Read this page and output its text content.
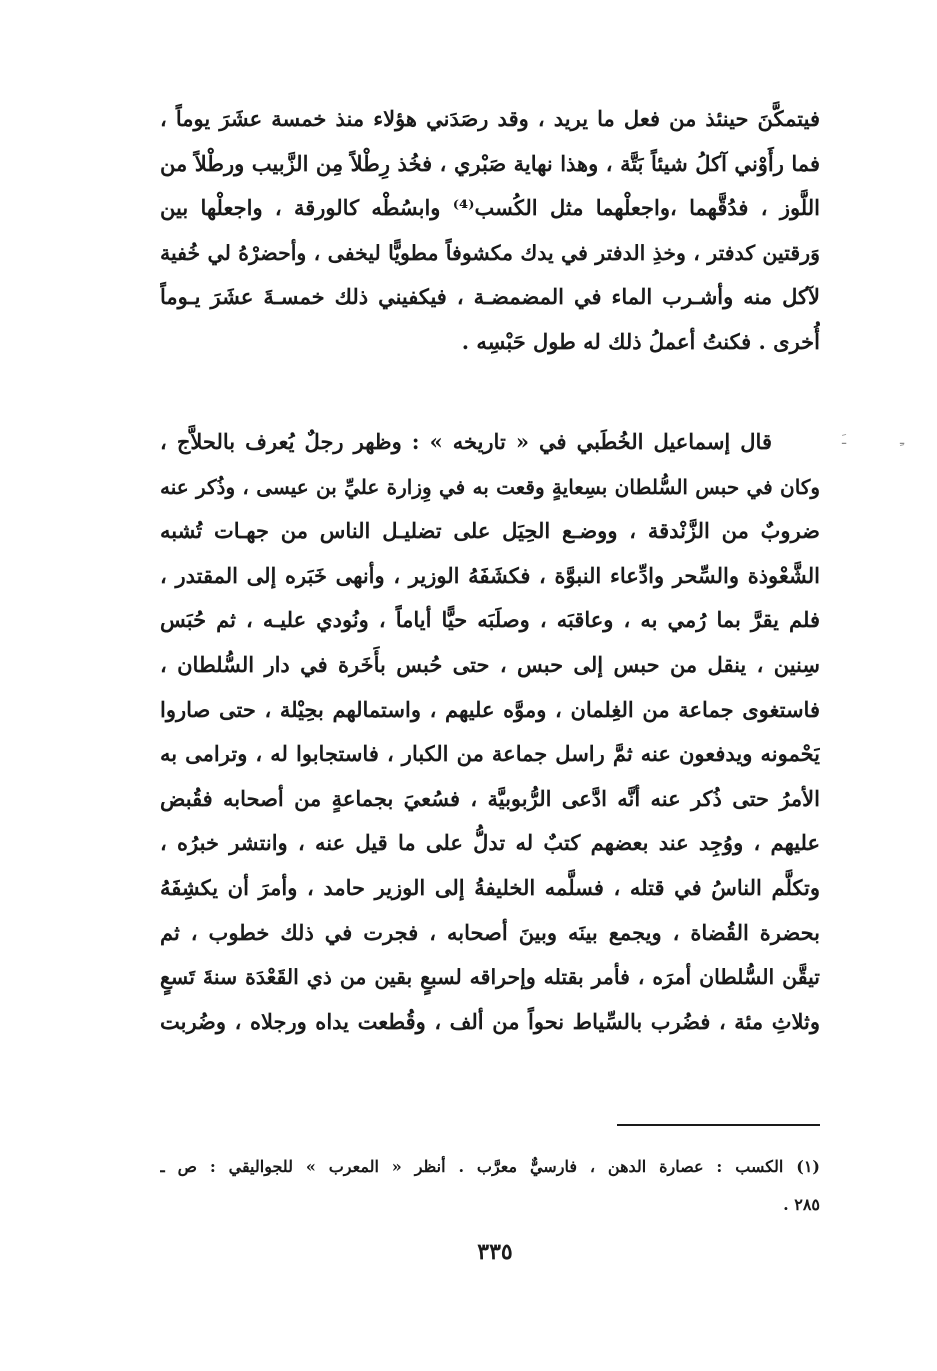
فيتمكَّنَ حينئذ من فعل ما يريد ، وقد رصَدَني هؤلاء منذ خمسة عشَرَ يوماً ،
فما رأَوْني آكلُ شيئاً بَتَّة ، وهذا نهاية صَبْري ، فخُذ رِطْلاً مِن الزَّبيب ورطْلاً من
اللَّوز ، فدُقَّهما ،واجعلْهما مثل الكُسب⁽⁴⁾ وابسُطْه كالورقة ، واجعلْها بين
وَرقتين كدفتر ، وخذِ الدفتر في يدك مكشوفاً مطويًّا ليخفى ، وأحضرْهُ لي خُفية
لآكل منه وأشـرب الماء في المضمضـة ، فيكفيني ذلك خمسـةَ عشَرَ يـوماً
أُخرى . فكنتُ أعملُ ذلك له طول حَبْسِه .
ـَ	ـِ
قال إسماعيل الخُطَبي في « تاريخه » : وظهر رجلٌ يُعرف بالحلاَّج ،
وكان في حبس السُّلطان بسِعايةٍ وقعت به في وِزارة عليِّ بن عيسى ، وذُكر عنه
ضروبٌ من الزَّنْدقة ، ووضـع الحِيَل على تضليـل الناس من جهـات تُشبه
الشَّعْوذة والسِّحر وادِّعاء النبوَّة ، فكشَفَهُ الوزير ، وأنهى خَبَره إلى المقتدر ،
فلم يقرَّ بما رُمي به ، وعاقبَه ، وصلَبَه حيًّا أياماً ، ونُودي عليـه ، ثم حُبَس
سِنين ، ينقل من حبس إلى حبس ، حتى حُبس بأَخَرة في دار السُّلطان ،
فاستغوى جماعة من الغِلمان ، وموَّه عليهم ، واستمالهم بحِيْلة ، حتى صاروا
يَحْمونه ويدفعون عنه ثمَّ راسل جماعة من الكبار ، فاستجابوا له ، وترامى به
الأمرُ حتى ذُكر عنه أنَّه ادَّعى الرُّبوبيَّة ، فسُعيَ بجماعةٍ من أصحابه فقُبض
عليهم ، ووُجِد عند بعضهم كتبٌ له تدلُّ على ما قيل عنه ، وانتشر خبرُه ،
وتكلَّم الناسُ في قتله ، فسلَّمه الخليفةُ إلى الوزير حامد ، وأمرَ أن يكشِفَهُ
بحضرة القُضاة ، ويجمع بينَه وبينَ أصحابه ، فجرت في ذلك خطوب ، ثم
تيقَّن السُّلطان أمرَه ، فأمر بقتله وإحراقه لسبعٍ بقين من ذي القَعْدَة سنةَ تَسعٍ
وثلاثِ مئة ، فضُرب بالسِّياط نحواً من ألف ، وقُطعت يداه ورجلاه ، وضُربت
(١) الكسب : عصارة الدهن ، فارسيٌّ معرَّب . أنظر « المعرب » للجواليقي : ص ـ
٢٨٥ .
٣٣٥
